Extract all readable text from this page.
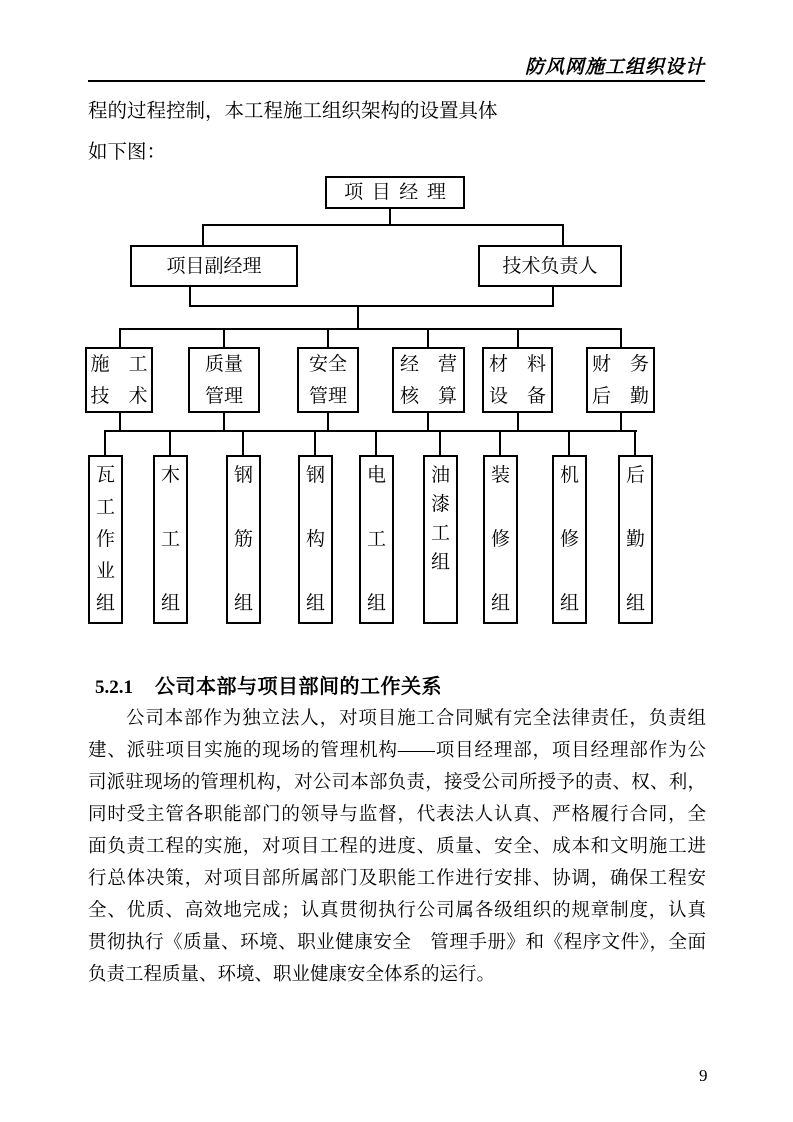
防风网施工组织设计
程的过程控制，本工程施工组织架构的设置具体
如下图：
项目经理
项目副经理	技术负责人
施　工
技　术
质量
管理
安全
管理
经　营
核　算
材　料
设　备
财　务
后　勤
瓦
工
作
业
组
木
工
组
钢
筋
组
钢
构
组
电
工
组
油
漆
工
组
装
修
组
机
修
组
后
勤
组
5.2.1 公司本部与项目部间的工作关系
公司本部作为独立法人，对项目施工合同赋有完全法律责任，负责组
建、派驻项目实施的现场的管理机构——项目经理部，项目经理部作为公
司派驻现场的管理机构，对公司本部负责，接受公司所授予的责、权、利，
同时受主管各职能部门的领导与监督，代表法人认真、严格履行合同，全
面负责工程的实施，对项目工程的进度、质量、安全、成本和文明施工进
行总体决策，对项目部所属部门及职能工作进行安排、协调，确保工程安
全、优质、高效地完成；认真贯彻执行公司属各级组织的规章制度，认真
贯彻执行《质量、环境、职业健康安全　管理手册》和《程序文件》，全面
负责工程质量、环境、职业健康安全体系的运行。
9
